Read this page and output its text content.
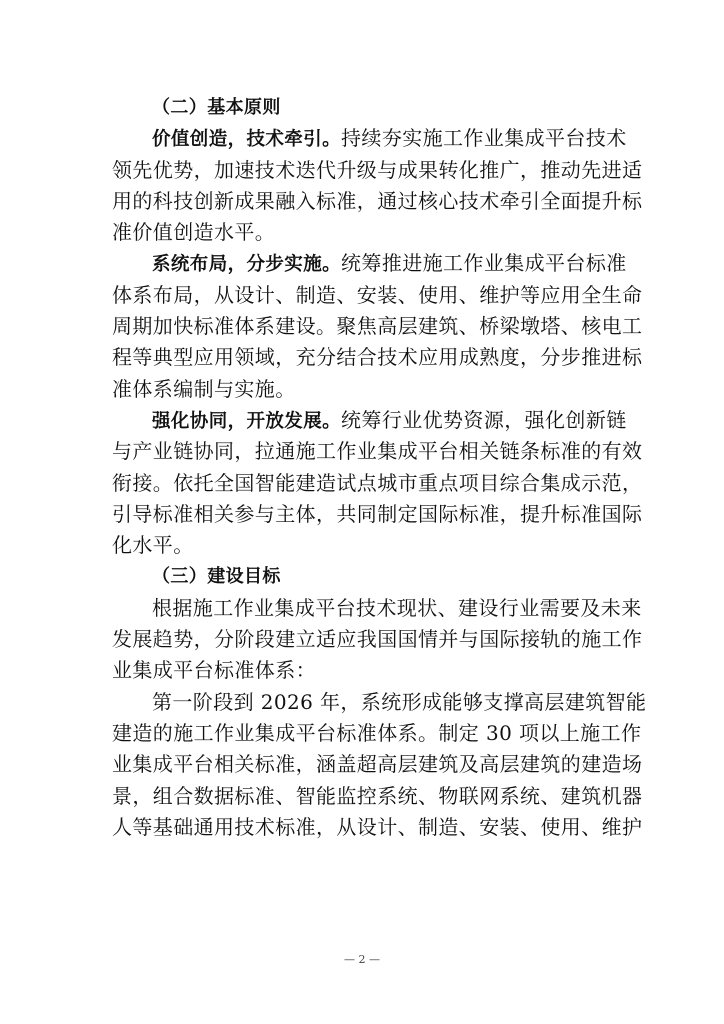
（二）基本原则
价值创造，技术牵引。持续夯实施工作业集成平台技术
领先优势，加速技术迭代升级与成果转化推广，推动先进适
用的科技创新成果融入标准，通过核心技术牵引全面提升标
准价值创造水平。
系统布局，分步实施。统筹推进施工作业集成平台标准
体系布局，从设计、制造、安装、使用、维护等应用全生命
周期加快标准体系建设。聚焦高层建筑、桥梁墩塔、核电工
程等典型应用领域，充分结合技术应用成熟度，分步推进标
准体系编制与实施。
强化协同，开放发展。统筹行业优势资源，强化创新链
与产业链协同，拉通施工作业集成平台相关链条标准的有效
衔接。依托全国智能建造试点城市重点项目综合集成示范，
引导标准相关参与主体，共同制定国际标准，提升标准国际
化水平。
（三）建设目标
根据施工作业集成平台技术现状、建设行业需要及未来
发展趋势，分阶段建立适应我国国情并与国际接轨的施工作
业集成平台标准体系：
第一阶段到 2026 年，系统形成能够支撑高层建筑智能
建造的施工作业集成平台标准体系。制定 30 项以上施工作
业集成平台相关标准，涵盖超高层建筑及高层建筑的建造场
景，组合数据标准、智能监控系统、物联网系统、建筑机器
人等基础通用技术标准，从设计、制造、安装、使用、维护
— 2 —
